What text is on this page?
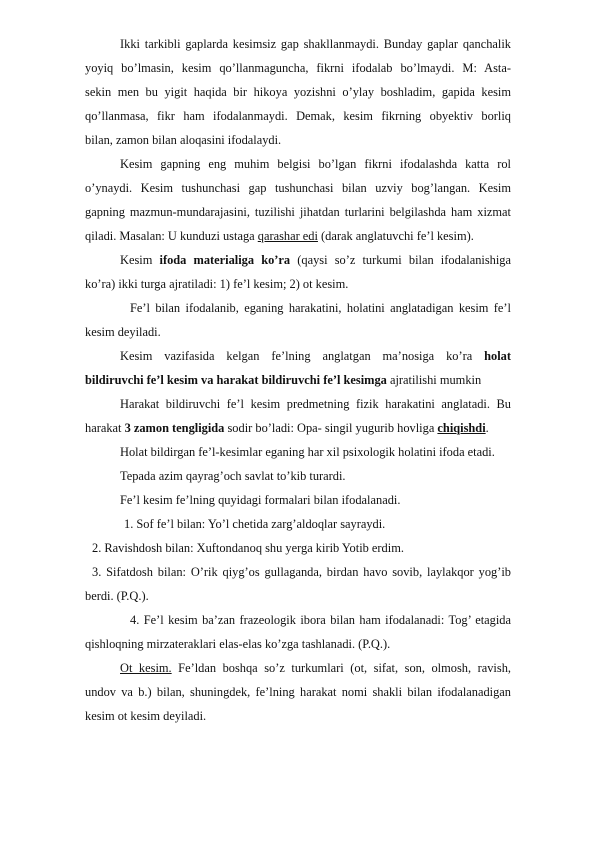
Ikki tarkibli gaplarda kesimsiz gap shakllanmaydi. Bunday gaplar qanchalik
yoyiq bo’lmasin, kesim qo’llanmaguncha, fikrni ifodalab bo’lmaydi. M: Asta-
sekin men bu yigit haqida bir hikoya yozishni o’ylay boshladim, gapida kesim
qo’llanmasa, fikr ham ifodalanmaydi. Demak, kesim fikrning obyektiv borliq
bilan, zamon bilan aloqasini ifodalaydi.
Kesim gapning eng muhim belgisi bo’lgan fikrni ifodalashda katta rol
o’ynaydi. Kesim tushunchasi gap tushunchasi bilan uzviy bog’langan. Kesim
gapning mazmun-mundarajasini, tuzilishi jihatdan turlarini belgilashda ham xizmat
qiladi. Masalan: U kunduzi ustaga qarashar edi (darak anglatuvchi fe’l kesim).
Kesim ifoda materialiga ko’ra (qaysi so’z turkumi bilan ifodalanishiga
ko’ra) ikki turga ajratiladi: 1) fe’l kesim; 2) ot kesim.
Fe’l bilan ifodalanib, eganing harakatini, holatini anglatadigan kesim fe’l
kesim deyiladi.
Kesim vazifasida kelgan fe’lning anglatgan ma’nosiga ko’ra holat
bildiruvchi fe’l kesim va harakat bildiruvchi fe’l kesimga ajratilishi mumkin
Harakat bildiruvchi fe’l kesim predmetning fizik harakatini anglatadi. Bu
harakat 3 zamon tengligida sodir bo’ladi: Opa- singil yugurib hovliga chiqishdi.
Holat bildirgan fe’l-kesimlar eganing har xil psixologik holatini ifoda etadi.
Tepada azim qayrag’och savlat to’kib turardi.
Fe’l kesim fe’lning quyidagi formalari bilan ifodalanadi.
1. Sof fe’l bilan: Yo’l chetida zarg’aldoqlar sayraydi.
2. Ravishdosh bilan: Xuftondanoq shu yerga kirib Yotib erdim.
3. Sifatdosh bilan: O’rik qiyg’os gullaganda, birdan havo sovib, laylakqor yog’ib
berdi. (P.Q.).
4. Fe’l kesim ba’zan frazeologik ibora bilan ham ifodalanadi: Tog’ etagida
qishloqning mirzateraklari elas-elas ko’zga tashlanadi. (P.Q.).
Ot kesim. Fe’ldan boshqa so’z turkumlari (ot, sifat, son, olmosh, ravish,
undov va b.) bilan, shuningdek, fe’lning harakat nomi shakli bilan ifodalanadigan
kesim ot kesim deyiladi.
